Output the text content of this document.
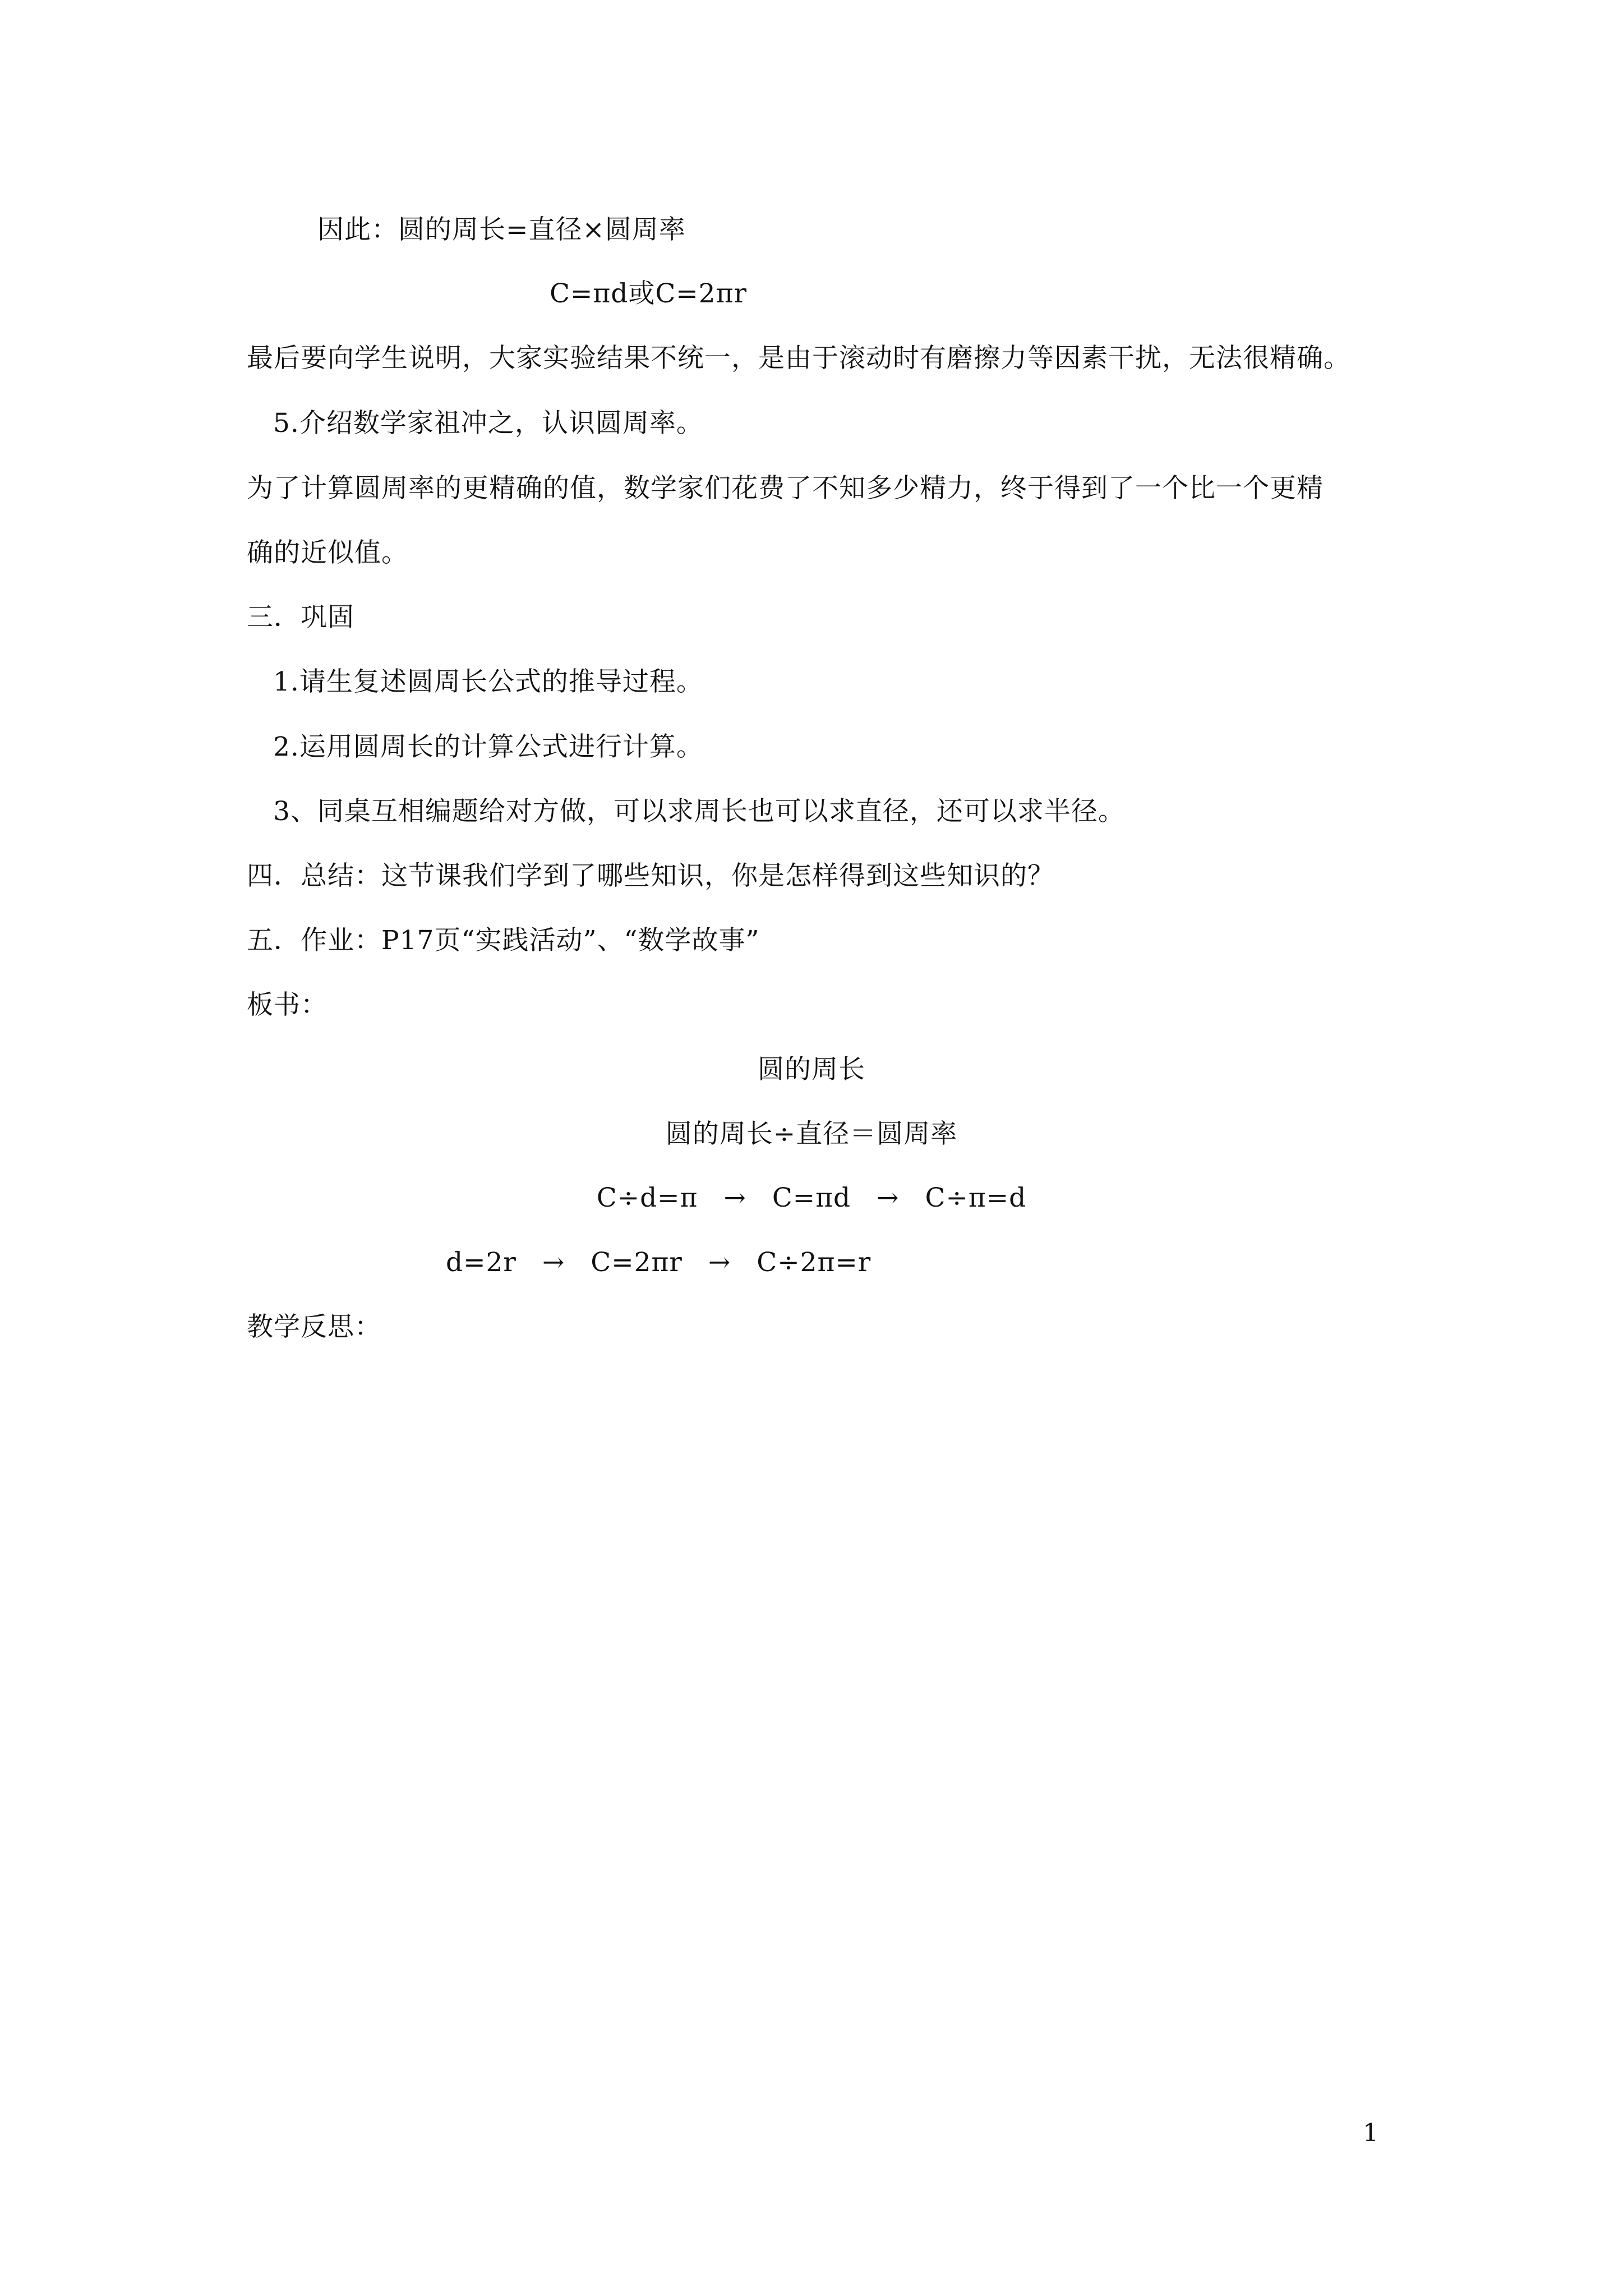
因此：圆的周长=直径×圆周率
C=πd或C=2πr
最后要向学生说明，大家实验结果不统一，是由于滚动时有磨擦力等因素干扰，无法很精确。
5.介绍数学家祖冲之，认识圆周率。
为了计算圆周率的更精确的值，数学家们花费了不知多少精力，终于得到了一个比一个更精
确的近似值。
三．巩固
1.请生复述圆周长公式的推导过程。
2.运用圆周长的计算公式进行计算。
3、同桌互相编题给对方做，可以求周长也可以求直径，还可以求半径。
四．总结：这节课我们学到了哪些知识，你是怎样得到这些知识的？
五．作业：P17页“实践活动”、“数学故事”
板书：
圆的周长
圆的周长÷直径＝圆周率
C÷d=π → C=πd → C÷π=d
d=2r → C=2πr → C÷2π=r
教学反思：
1
